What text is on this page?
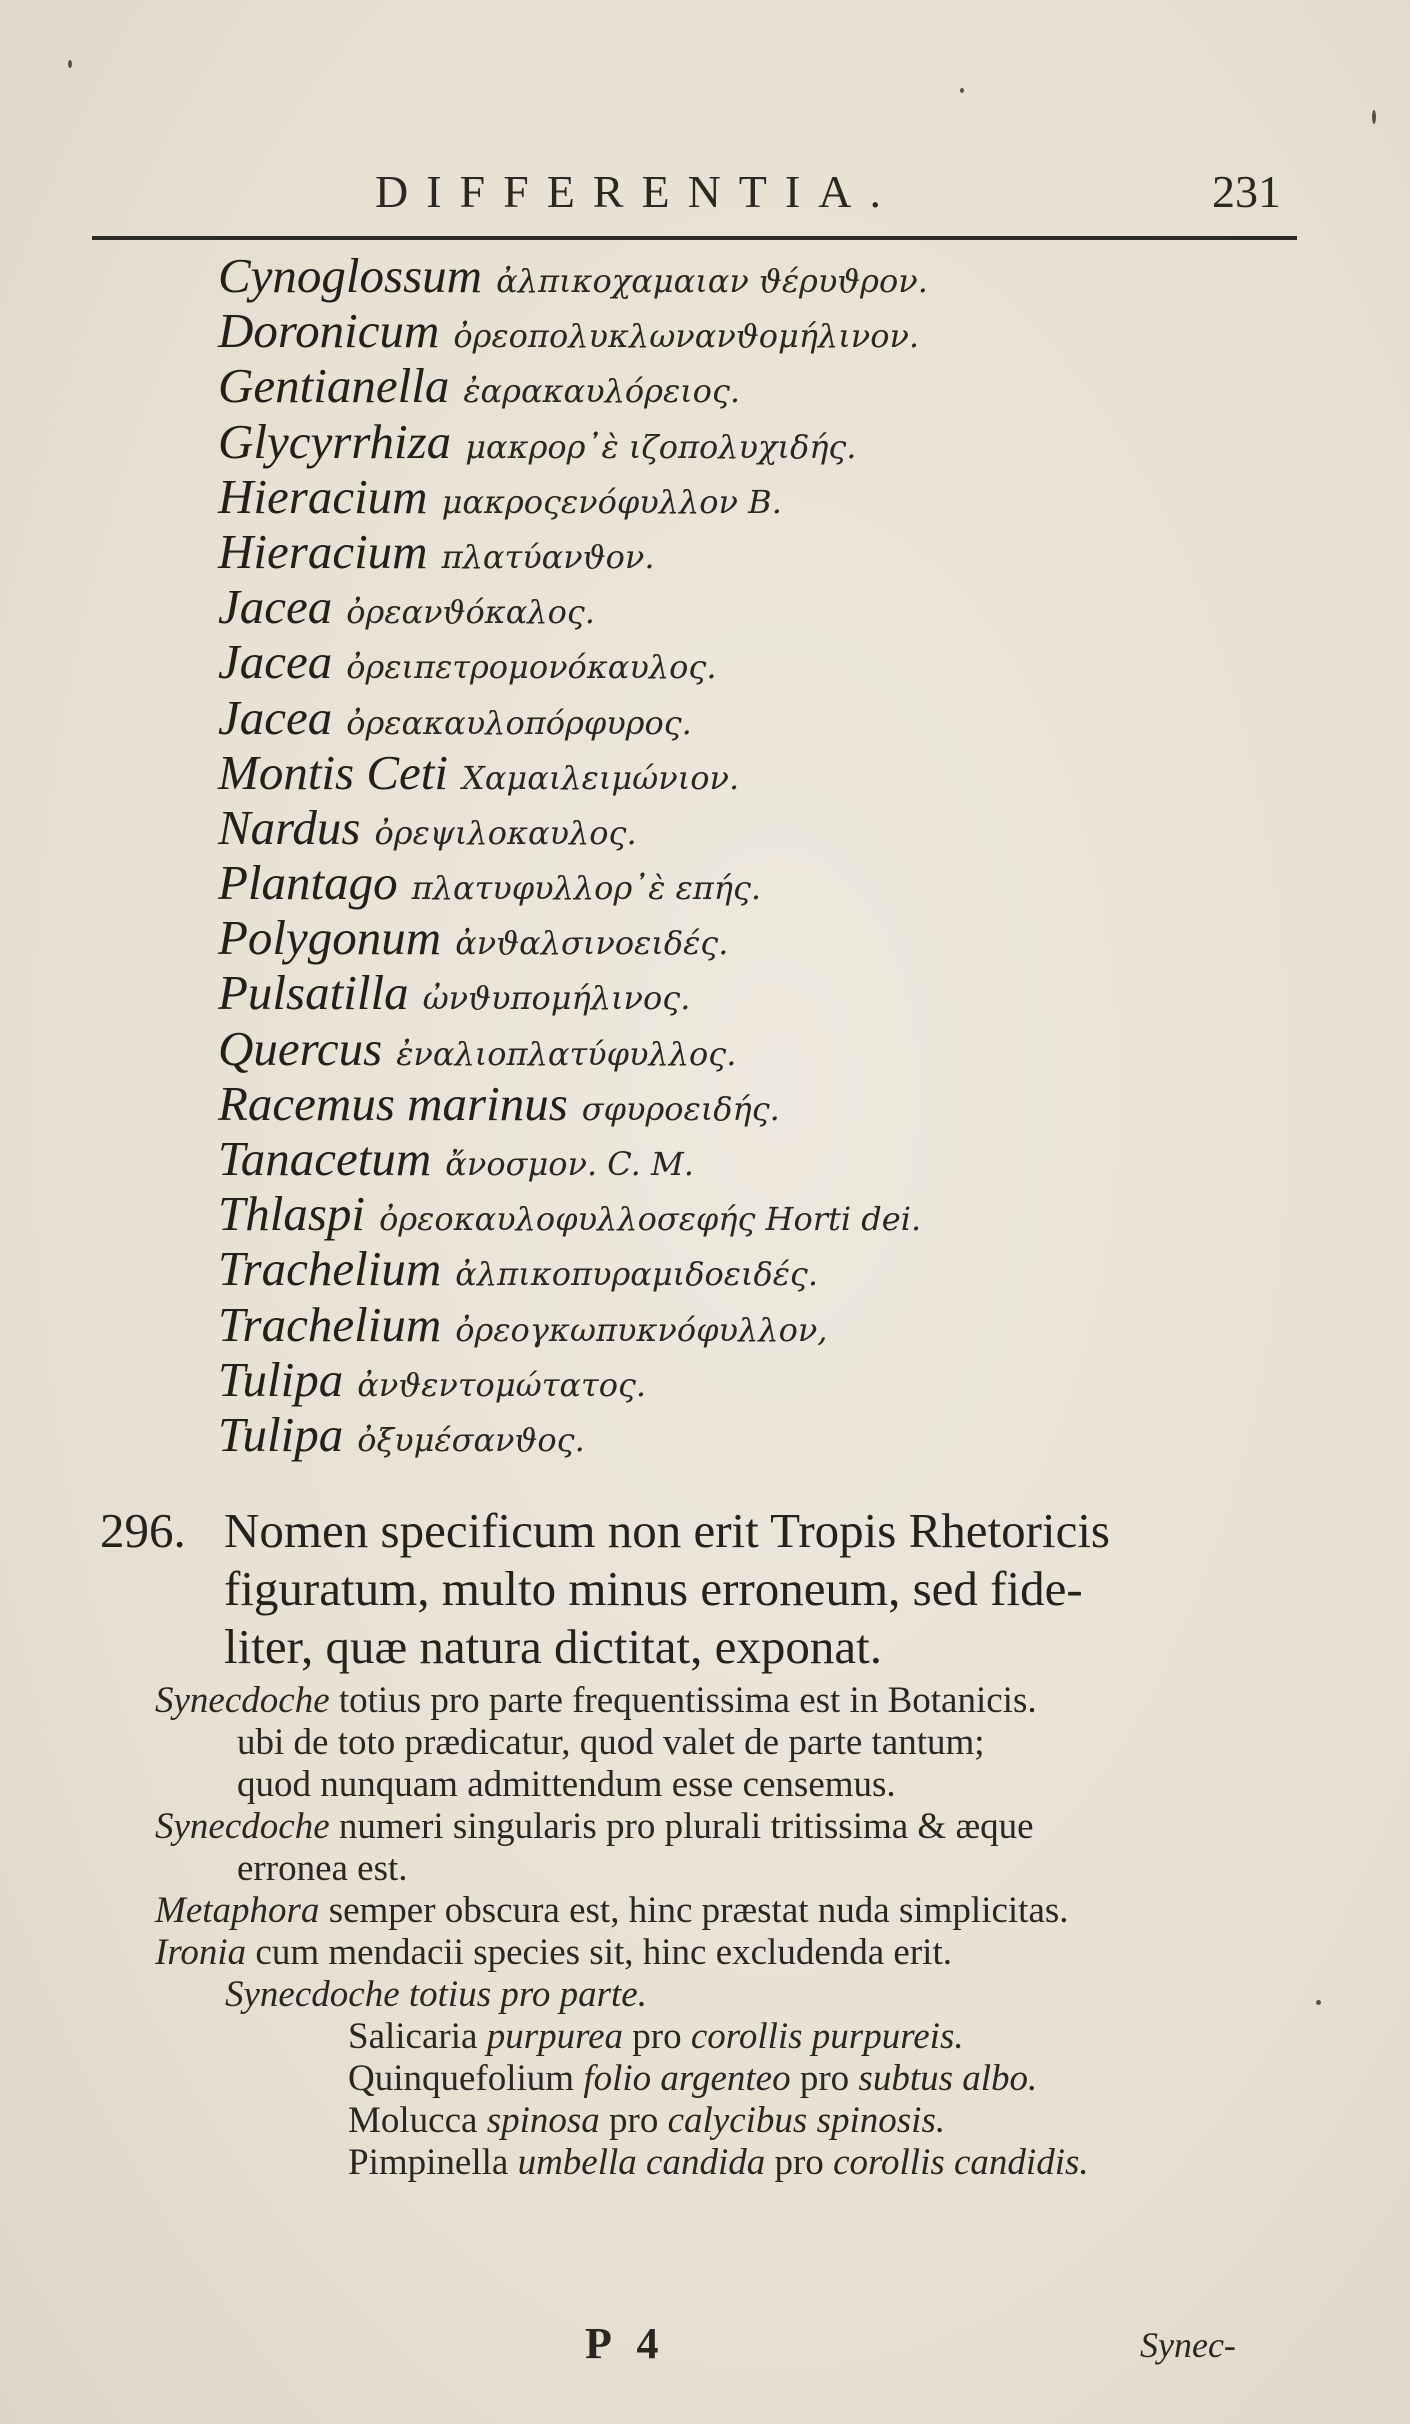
DIFFERENTIA.	231
Cynoglossum ἀλπικοχαμαιαν ϑέρυϑρον.
Doronicum ὀρεοπολυκλωνανϑομήλινον.
Gentianella ἐαρακαυλόρειος.
Glycyrrhiza μακρορ᾽ὲ ιζοπολυχιδής.
Hieracium μακροςενόφυλλον B.
Hieracium πλατύανϑον.
Jacea ὀρεανϑόκαλος.
Jacea ὀρειπετρομονόκαυλος.
Jacea ὀρεακαυλοπόρφυρος.
Montis Ceti Χαμαιλειμώνιον.
Nardus ὀρεψιλοκαυλος.
Plantago πλατυφυλλορ᾽ὲ επής.
Polygonum ἀνϑαλσινοειδές.
Pulsatilla ὠνϑυπομήλινος.
Quercus ἐναλιοπλατύφυλλος.
Racemus marinus σφυροειδής.
Tanacetum ἄνοσμον. C. M.
Thlaspi ὀρεοκαυλοφυλλοσεφής Horti dei.
Trachelium ἀλπικοπυραμιδοειδές.
Trachelium ὀρεογκωπυκνόφυλλον,
Tulipa ἀνϑεντομώτατος.
Tulipa ὀξυμέσανϑος.
296. Nomen specificum non erit Tropis Rhetoricis
figuratum, multo minus erroneum, sed fide-
liter, quæ natura dictitat, exponat.
Synecdoche totius pro parte frequentissima est in Botanicis.
ubi de toto prædicatur, quod valet de parte tantum;
quod nunquam admittendum esse censemus.
Synecdoche numeri singularis pro plurali tritissima & æque
erronea est.
Metaphora semper obscura est, hinc præstat nuda simplicitas.
Ironia cum mendacii species sit, hinc excludenda erit.
Synecdoche totius pro parte.
Salicaria purpurea pro corollis purpureis.
Quinquefolium folio argenteo pro subtus albo.
Molucca spinosa pro calycibus spinosis.
Pimpinella umbella candida pro corollis candidis.
P 4	Synec-
